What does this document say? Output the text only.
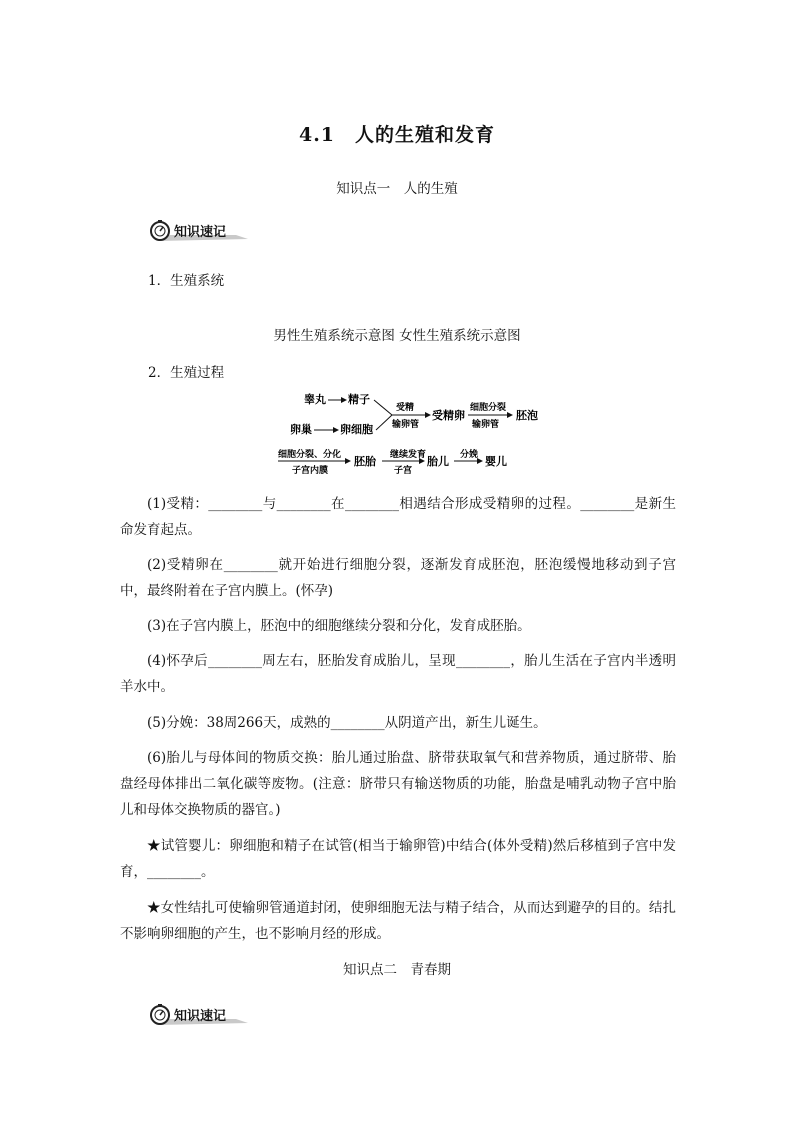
4.1　人的生殖和发育
知识点一　人的生殖
知识速记
1．生殖系统
男性生殖系统示意图 女性生殖系统示意图
2．生殖过程
睾丸 精子
卵巢	卵细胞
受精
输卵管
受精卵
细胞分裂
输卵管
胚泡
细胞分裂、分化
子宫内膜
胚胎 继续发育
子宫
胎儿 分娩 婴儿
(1)受精：________与________在________相遇结合形成受精卵的过程。________是新生命发育起点。
(2)受精卵在________就开始进行细胞分裂，逐渐发育成胚泡，胚泡缓慢地移动到子宫中，最终附着在子宫内膜上。(怀孕)
(3)在子宫内膜上，胚泡中的细胞继续分裂和分化，发育成胚胎。
(4)怀孕后________周左右，胚胎发育成胎儿，呈现________，胎儿生活在子宫内半透明羊水中。
(5)分娩：38周266天，成熟的________从阴道产出，新生儿诞生。
(6)胎儿与母体间的物质交换：胎儿通过胎盘、脐带获取氧气和营养物质，通过脐带、胎盘经母体排出二氧化碳等废物。(注意：脐带只有输送物质的功能，胎盘是哺乳动物子宫中胎儿和母体交换物质的器官。)
★试管婴儿：卵细胞和精子在试管(相当于输卵管)中结合(体外受精)然后移植到子宫中发育，________。
★女性结扎可使输卵管通道封闭，使卵细胞无法与精子结合，从而达到避孕的目的。结扎不影响卵细胞的产生，也不影响月经的形成。
知识点二　青春期
知识速记
